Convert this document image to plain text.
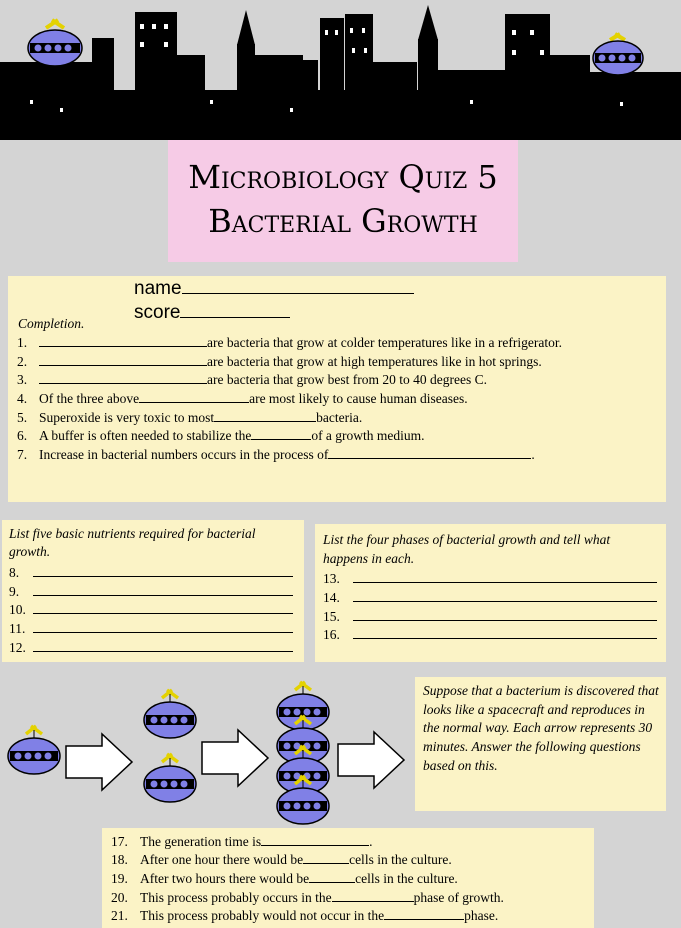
Microbiology Quiz 5
Bacterial Growth
name
score
Completion.
1.	are bacteria that grow at colder temperatures like in a refrigerator.
2.	are bacteria that grow at high temperatures like in hot springs.
3.	are bacteria that grow best from 20 to 40 degrees C.
4. Of the three above	are most likely to cause human diseases.
5. Superoxide is very toxic to most	bacteria.
6. A buffer is often needed to stabilize the	of a growth medium.
7. Increase in bacterial numbers occurs in the process of	.
List five basic nutrients required for bacterial growth.
8.
9.
10.
11.
12.
List the four phases of bacterial growth and tell what happens in each.
13.
14.
15.
16.
Suppose that a bacterium is discovered that looks like a spacecraft and reproduces in the normal way. Each arrow represents 30 minutes. Answer the following questions based on this.
17. The generation time is	.
18. After one hour there would be	cells in the culture.
19. After two hours there would be	cells in the culture.
20. This process probably occurs in the	phase of growth.
21. This process probably would not occur in the	phase.
